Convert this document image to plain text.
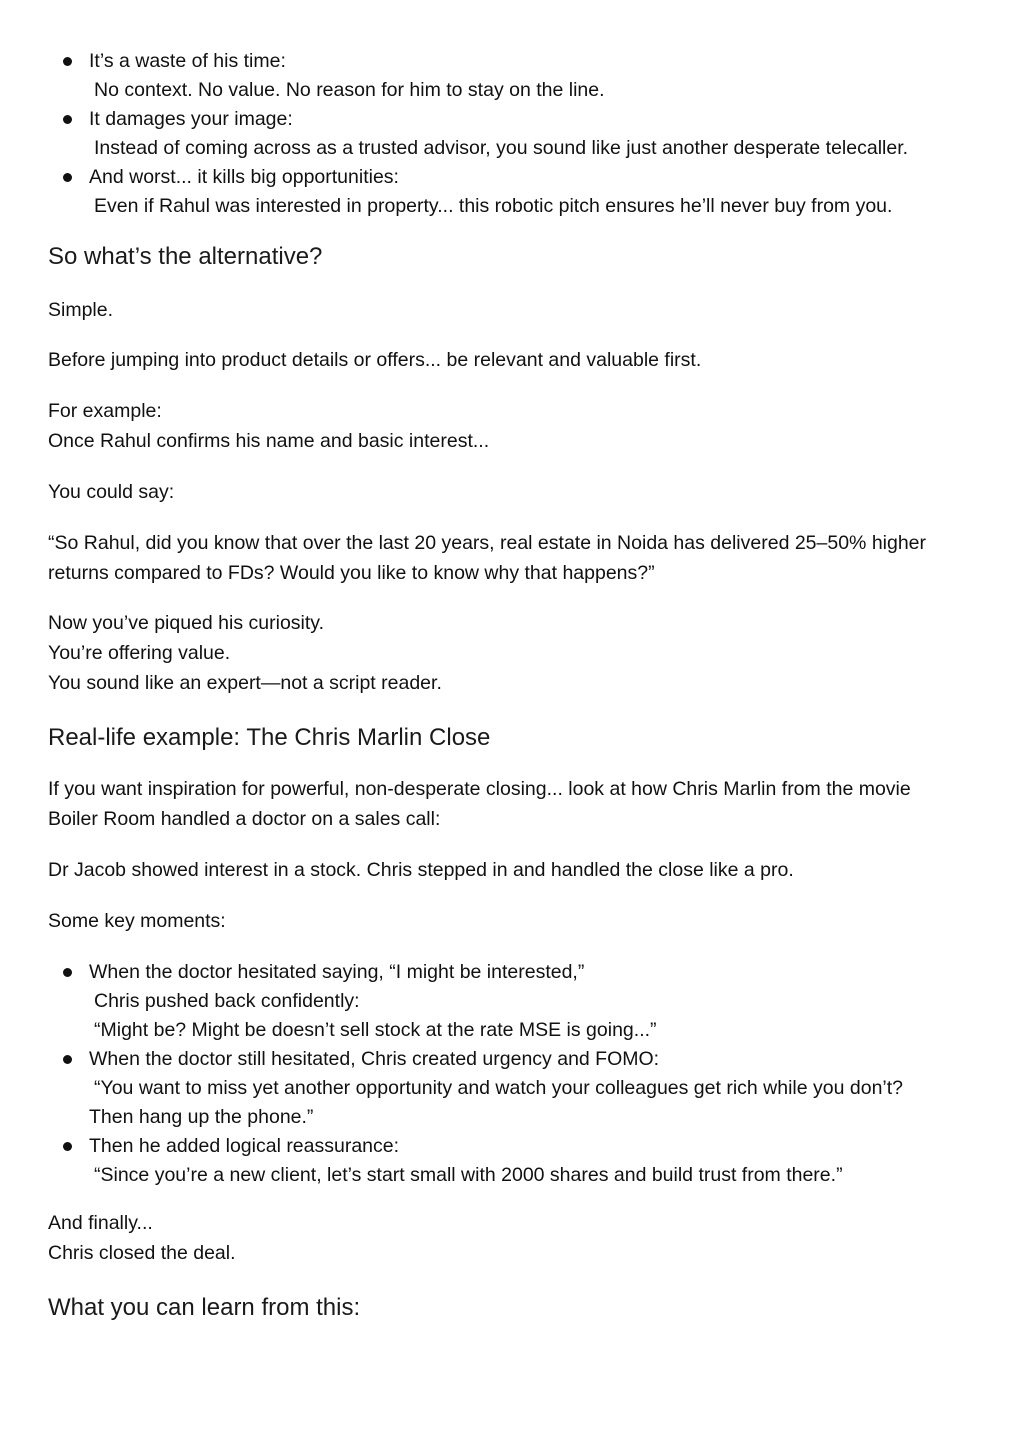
It’s a waste of his time:
No context. No value. No reason for him to stay on the line.
It damages your image:
Instead of coming across as a trusted advisor, you sound like just another desperate telecaller.
And worst... it kills big opportunities:
Even if Rahul was interested in property... this robotic pitch ensures he’ll never buy from you.
So what’s the alternative?
Simple.
Before jumping into product details or offers... be relevant and valuable first.
For example:
Once Rahul confirms his name and basic interest...
You could say:
“So Rahul, did you know that over the last 20 years, real estate in Noida has delivered 25–50% higher
returns compared to FDs? Would you like to know why that happens?”
Now you’ve piqued his curiosity.
You’re offering value.
You sound like an expert—not a script reader.
Real-life example: The Chris Marlin Close
If you want inspiration for powerful, non-desperate closing... look at how Chris Marlin from the movie
Boiler Room handled a doctor on a sales call:
Dr Jacob showed interest in a stock. Chris stepped in and handled the close like a pro.
Some key moments:
When the doctor hesitated saying, “I might be interested,”
Chris pushed back confidently:
“Might be? Might be doesn’t sell stock at the rate MSE is going...”
When the doctor still hesitated, Chris created urgency and FOMO:
“You want to miss yet another opportunity and watch your colleagues get rich while you don’t?
Then hang up the phone.”
Then he added logical reassurance:
“Since you’re a new client, let’s start small with 2000 shares and build trust from there.”
And finally...
Chris closed the deal.
What you can learn from this:
